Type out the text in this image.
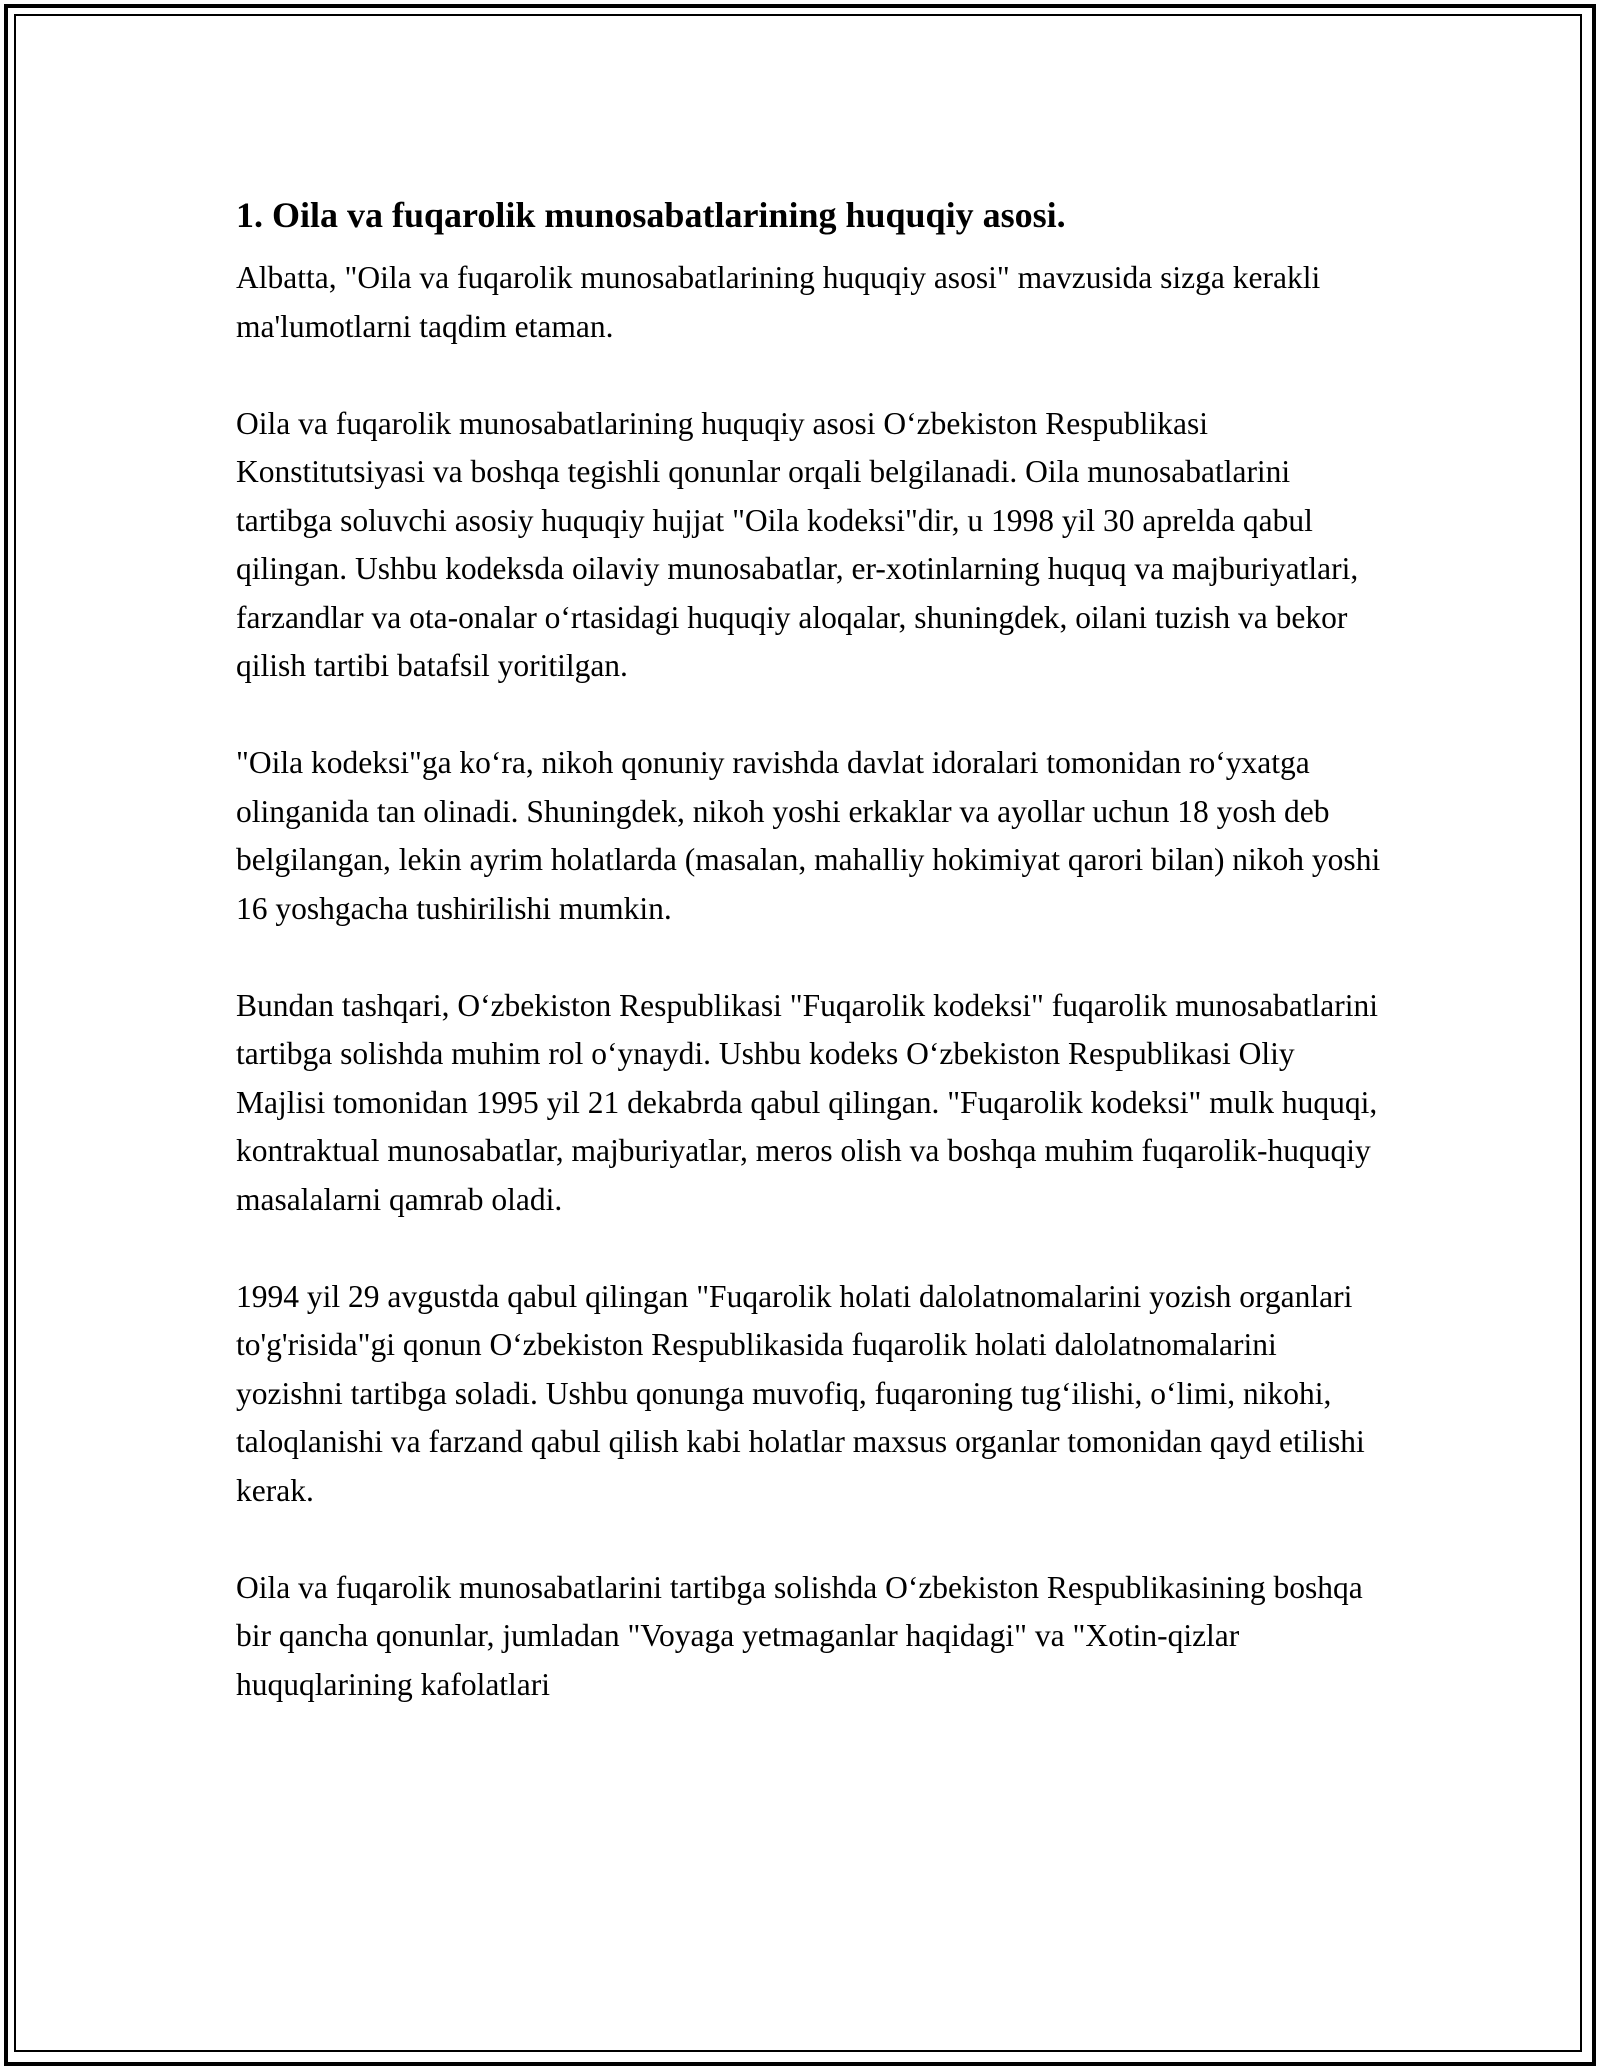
1. Oila va fuqarolik munosabatlarining huquqiy asosi.

Albatta, "Oila va fuqarolik munosabatlarining huquqiy asosi" mavzusida sizga kerakli ma'lumotlarni taqdim etaman.

Oila va fuqarolik munosabatlarining huquqiy asosi O‘zbekiston Respublikasi Konstitutsiyasi va boshqa tegishli qonunlar orqali belgilanadi. Oila munosabatlarini tartibga soluvchi asosiy huquqiy hujjat "Oila kodeksi"dir, u 1998 yil 30 aprelda qabul qilingan. Ushbu kodeksda oilaviy munosabatlar, er-xotinlarning huquq va majburiyatlari, farzandlar va ota-onalar o‘rtasidagi huquqiy aloqalar, shuningdek, oilani tuzish va bekor qilish tartibi batafsil yoritilgan.

"Oila kodeksi"ga ko‘ra, nikoh qonuniy ravishda davlat idoralari tomonidan ro‘yxatga olinganida tan olinadi. Shuningdek, nikoh yoshi erkaklar va ayollar uchun 18 yosh deb belgilangan, lekin ayrim holatlarda (masalan, mahalliy hokimiyat qarori bilan) nikoh yoshi 16 yoshgacha tushirilishi mumkin.

Bundan tashqari, O‘zbekiston Respublikasi "Fuqarolik kodeksi" fuqarolik munosabatlarini tartibga solishda muhim rol o‘ynaydi. Ushbu kodeks O‘zbekiston Respublikasi Oliy Majlisi tomonidan 1995 yil 21 dekabrda qabul qilingan. "Fuqarolik kodeksi" mulk huquqi, kontraktual munosabatlar, majburiyatlar, meros olish va boshqa muhim fuqarolik-huquqiy masalalarni qamrab oladi.

1994 yil 29 avgustda qabul qilingan "Fuqarolik holati dalolatnomalarini yozish organlari to'g'risida"gi qonun O‘zbekiston Respublikasida fuqarolik holati dalolatnomalarini yozishni tartibga soladi. Ushbu qonunga muvofiq, fuqaroning tug‘ilishi, o‘limi, nikohi, taloqlanishi va farzand qabul qilish kabi holatlar maxsus organlar tomonidan qayd etilishi kerak.

Oila va fuqarolik munosabatlarini tartibga solishda O‘zbekiston Respublikasining boshqa bir qancha qonunlar, jumladan "Voyaga yetmaganlar haqidagi" va "Xotin-qizlar huquqlarining kafolatlari
